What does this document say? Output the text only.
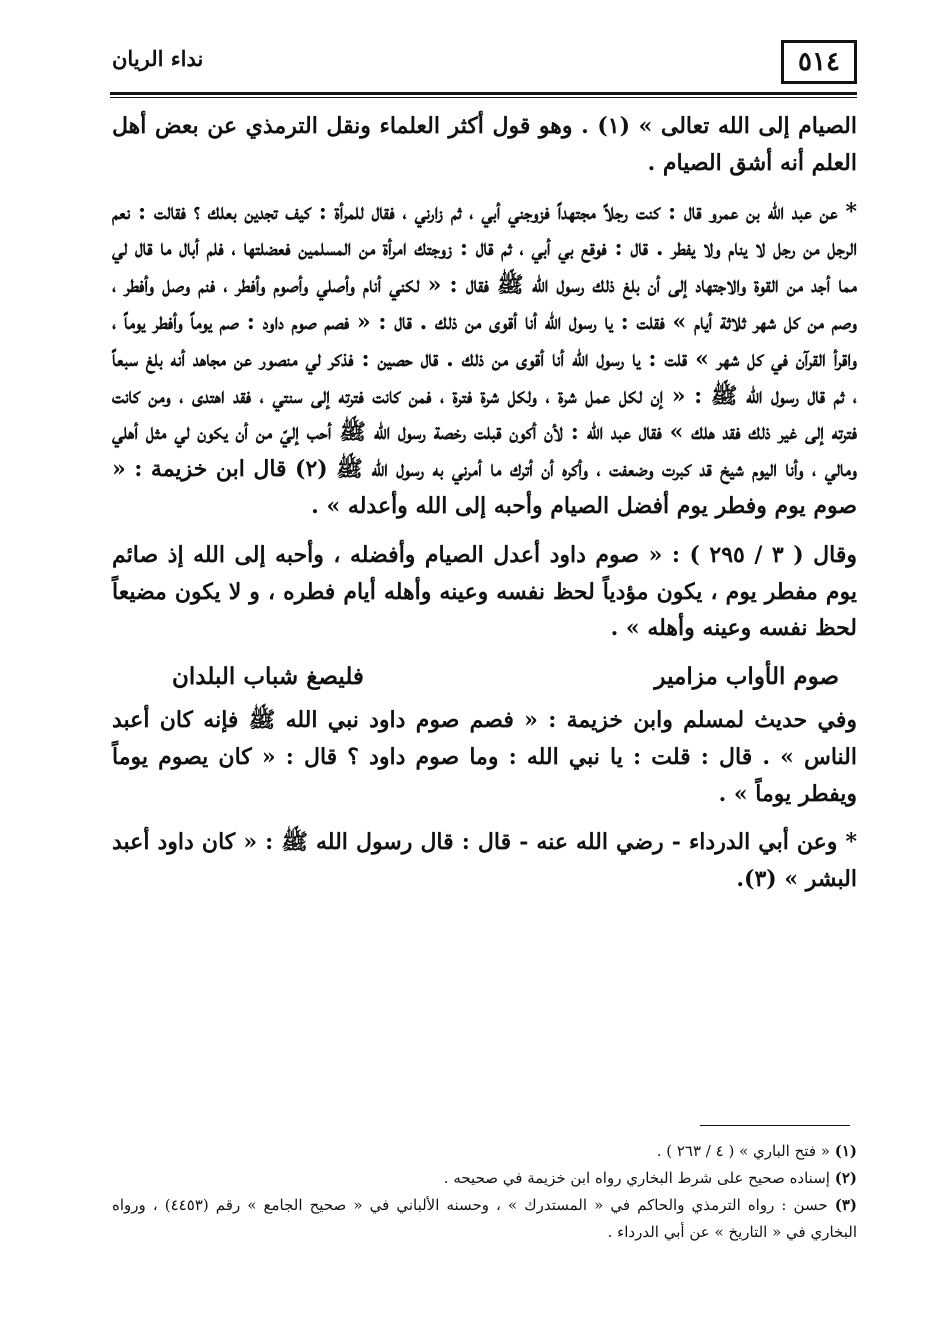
٥١٤
نداء الريان

الصيام إلى الله تعالى » (١) . وهو قول أكثر العلماء ونقل الترمذي عن بعض أهل العلم أنه أشق الصيام .

* عن عبد الله بن عمرو قال : كنت رجلاً مجتهداً فزوجني أبي ، ثم زارني ، فقال للمرأة : كيف تجدين بعلك ؟ فقالت : نعم الرجل من رجل لا ينام ولا يفطر . قال : فوقع بي أبي ، ثم قال : زوجتك امرأة من المسلمين فعضلتها ، فلم أبال ما قال لي مما أجد من القوة والاجتهاد إلى أن بلغ ذلك رسول الله ﷺ فقال : « لكني أنام وأصلي وأصوم وأفطر ، فنم وصل وأفطر ، وصم من كل شهر ثلاثة أيام » فقلت : يا رسول الله أنا أقوى من ذلك . قال : « فصم صوم داود : صم يوماً وأفطر يوماً ، واقرأ القرآن في كل شهر » قلت : يا رسول الله أنا أقوى من ذلك . قال حصين : فذكر لي منصور عن مجاهد أنه بلغ سبعاً ، ثم قال رسول الله ﷺ : « إن لكل عمل شرة ، ولكل شرة فترة ، فمن كانت فترته إلى سنتي ، فقد اهتدى ، ومن كانت فترته إلى غير ذلك فقد هلك » فقال عبد الله : لأن أكون قبلت رخصة رسول الله ﷺ أحب إليّ من أن يكون لي مثل أهلي ومالي ، وأنا اليوم شيخ قد كبرت وضعفت ، وأكره أن أترك ما أمرني به رسول الله ﷺ (٢) قال ابن خزيمة : « صوم يوم وفطر يوم أفضل الصيام وأحبه إلى الله وأعدله » .

وقال ( ٣ / ٢٩٥ ) : « صوم داود أعدل الصيام وأفضله ، وأحبه إلى الله إذ صائم يوم مفطر يوم ، يكون مؤدياً لحظ نفسه وعينه وأهله أيام فطره ، و لا يكون مضيعاً لحظ نفسه وعينه وأهله » .

صوم الأواب مزامير
فليصغ شباب البلدان

وفي حديث لمسلم وابن خزيمة : « فصم صوم داود نبي الله ﷺ فإنه كان أعبد الناس » . قال : قلت : يا نبي الله : وما صوم داود ؟ قال : « كان يصوم يوماً ويفطر يوماً » .

* وعن أبي الدرداء - رضي الله عنه - قال : قال رسول الله ﷺ : « كان داود أعبد البشر » (٣).

(١) « فتح الباري » ( ٤ / ٢٦٣ ) .
(٢) إسناده صحيح على شرط البخاري رواه ابن خزيمة في صحيحه .
(٣) حسن : رواه الترمذي والحاكم في « المستدرك » ، وحسنه الألباني في « صحيح الجامع » رقم (٤٤٥٣) ، ورواه البخاري في « التاريخ » عن أبي الدرداء .
